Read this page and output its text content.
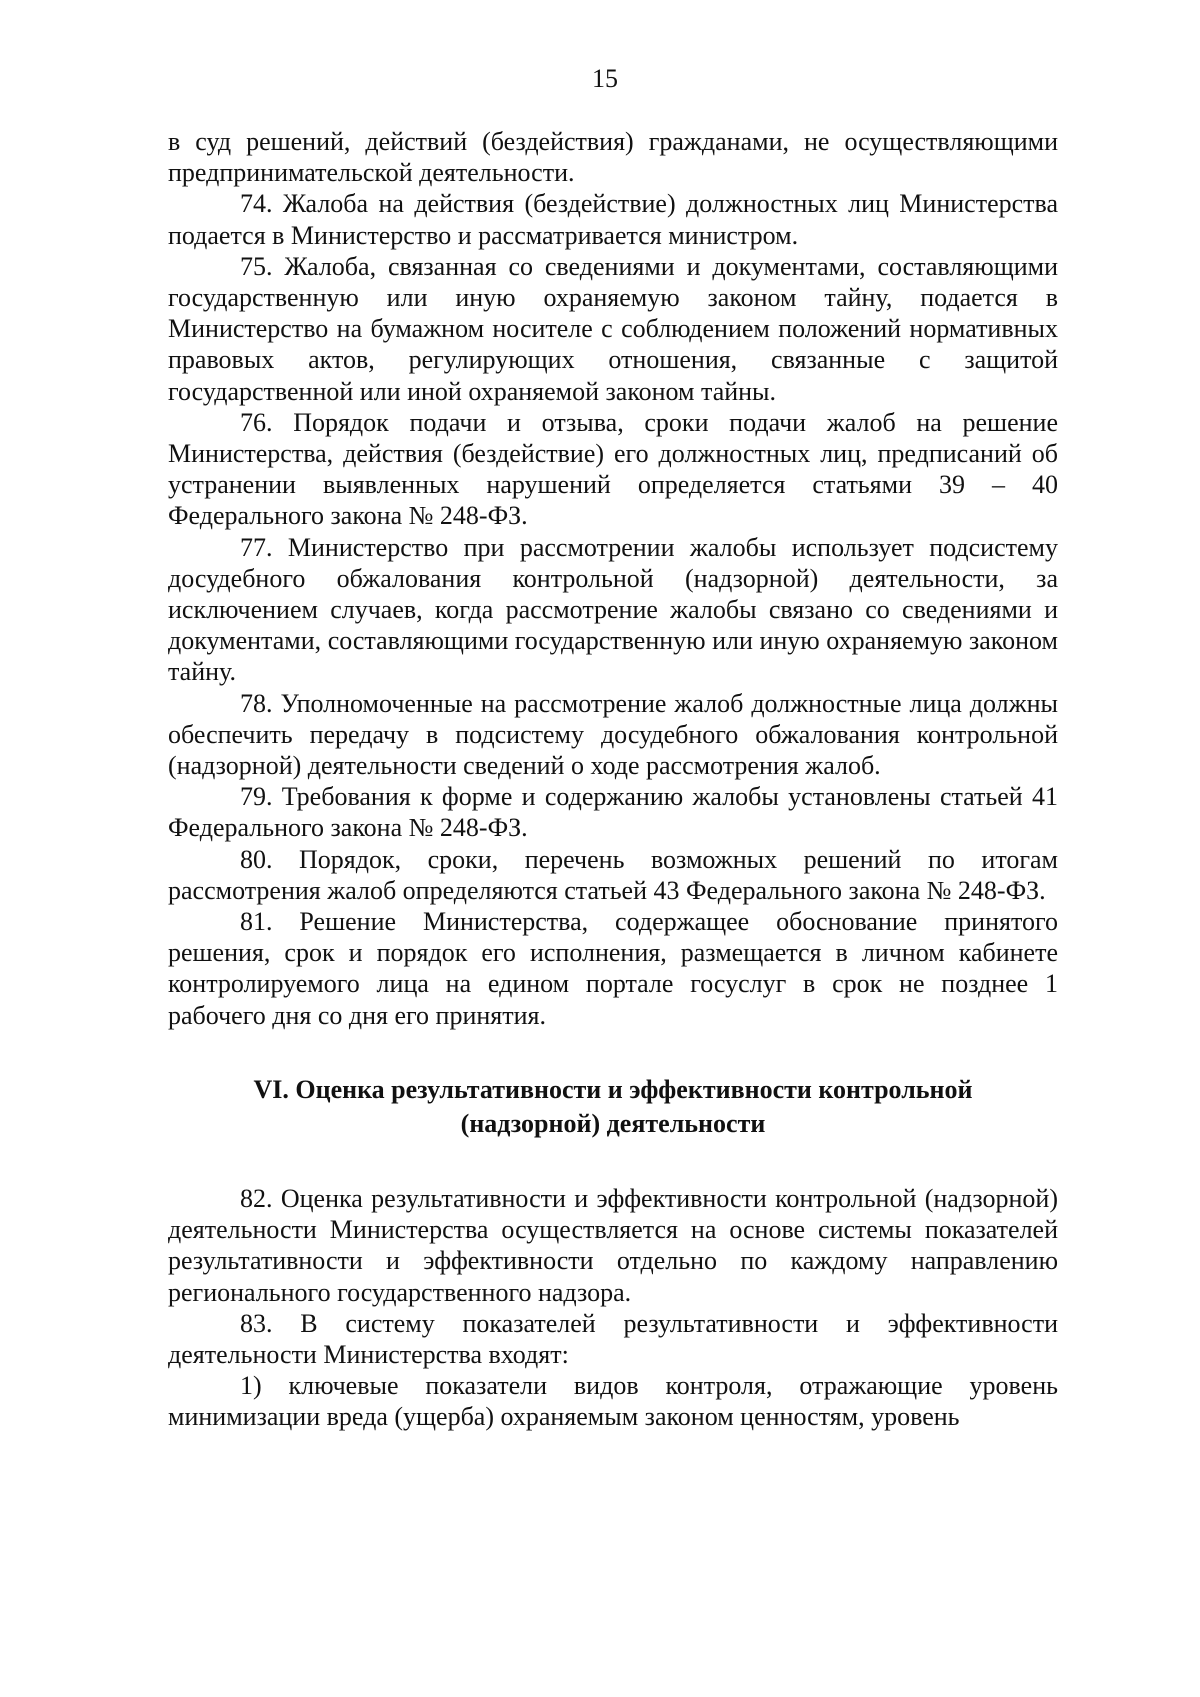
15

в суд решений, действий (бездействия) гражданами, не осуществляющими предпринимательской деятельности.

74. Жалоба на действия (бездействие) должностных лиц Министерства подается в Министерство и рассматривается министром.

75. Жалоба, связанная со сведениями и документами, составляющими государственную или иную охраняемую законом тайну, подается в Министерство на бумажном носителе с соблюдением положений нормативных правовых актов, регулирующих отношения, связанные с защитой государственной или иной охраняемой законом тайны.

76. Порядок подачи и отзыва, сроки подачи жалоб на решение Министерства, действия (бездействие) его должностных лиц, предписаний об устранении выявленных нарушений определяется статьями 39 – 40 Федерального закона № 248-ФЗ.

77. Министерство при рассмотрении жалобы использует подсистему досудебного обжалования контрольной (надзорной) деятельности, за исключением случаев, когда рассмотрение жалобы связано со сведениями и документами, составляющими государственную или иную охраняемую законом тайну.

78. Уполномоченные на рассмотрение жалоб должностные лица должны обеспечить передачу в подсистему досудебного обжалования контрольной (надзорной) деятельности сведений о ходе рассмотрения жалоб.

79. Требования к форме и содержанию жалобы установлены статьей 41 Федерального закона № 248-ФЗ.

80. Порядок, сроки, перечень возможных решений по итогам рассмотрения жалоб определяются статьей 43 Федерального закона № 248-ФЗ.

81. Решение Министерства, содержащее обоснование принятого решения, срок и порядок его исполнения, размещается в личном кабинете контролируемого лица на едином портале госуслуг в срок не позднее 1 рабочего дня со дня его принятия.

VI. Оценка результативности и эффективности контрольной (надзорной) деятельности

82. Оценка результативности и эффективности контрольной (надзорной) деятельности Министерства осуществляется на основе системы показателей результативности и эффективности отдельно по каждому направлению регионального государственного надзора.

83. В систему показателей результативности и эффективности деятельности Министерства входят:

1) ключевые показатели видов контроля, отражающие уровень минимизации вреда (ущерба) охраняемым законом ценностям, уровень
